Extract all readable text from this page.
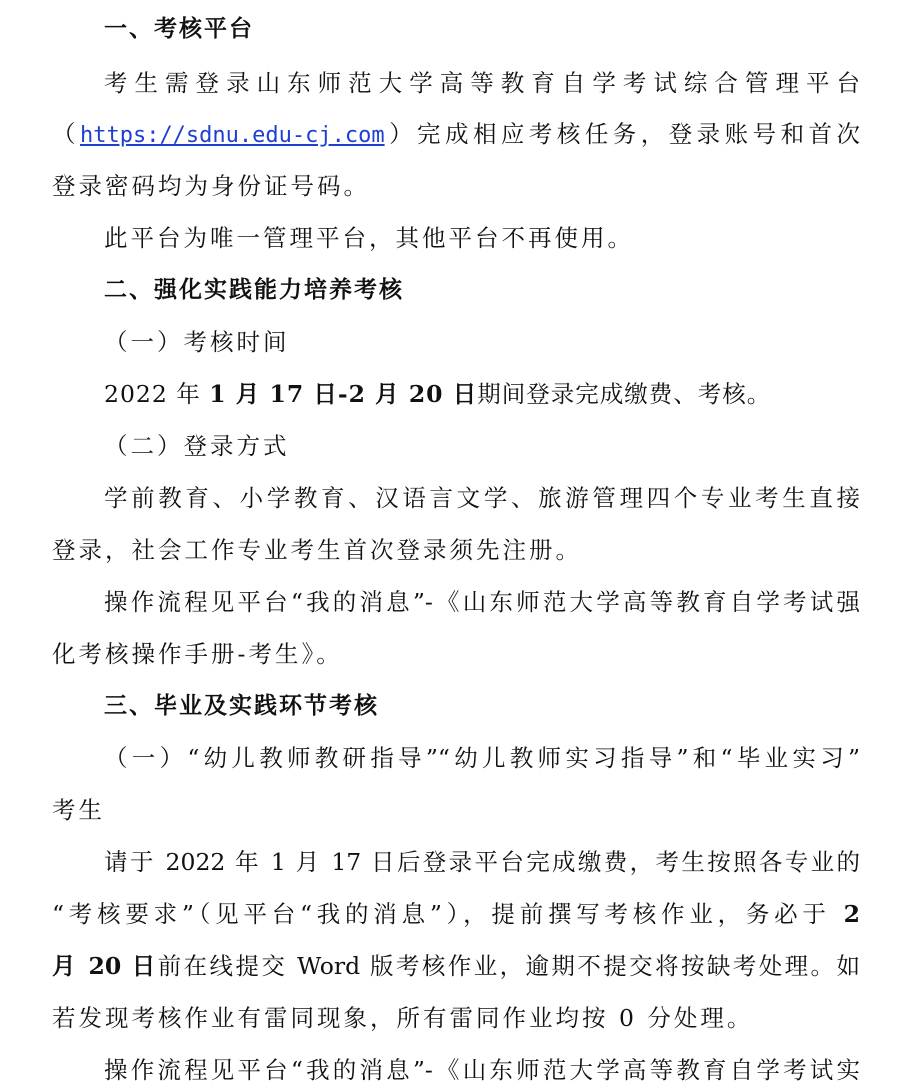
一、考核平台
考生需登录山东师范大学高等教育自学考试综合管理平台
（https://sdnu.edu-cj.com）完成相应考核任务，登录账号和首次
登录密码均为身份证号码。
此平台为唯一管理平台，其他平台不再使用。
二、强化实践能力培养考核
（一）考核时间
2022 年 1 月 17 日-2 月 20 日期间登录完成缴费、考核。
（二）登录方式
学前教育、小学教育、汉语言文学、旅游管理四个专业考生直接
登录，社会工作专业考生首次登录须先注册。
操作流程见平台“我的消息”-《山东师范大学高等教育自学考试强
化考核操作手册-考生》。
三、毕业及实践环节考核
（一）“幼儿教师教研指导”“幼儿教师实习指导”和“毕业实习”
考生
请于 2022 年 1 月 17 日后登录平台完成缴费，考生按照各专业的
“考核要求”（见平台“我的消息”），提前撰写考核作业，务必于 2
月 20 日前在线提交 Word 版考核作业，逾期不提交将按缺考处理。如
若发现考核作业有雷同现象，所有雷同作业均按 0 分处理。
操作流程见平台“我的消息”-《山东师范大学高等教育自学考试实
